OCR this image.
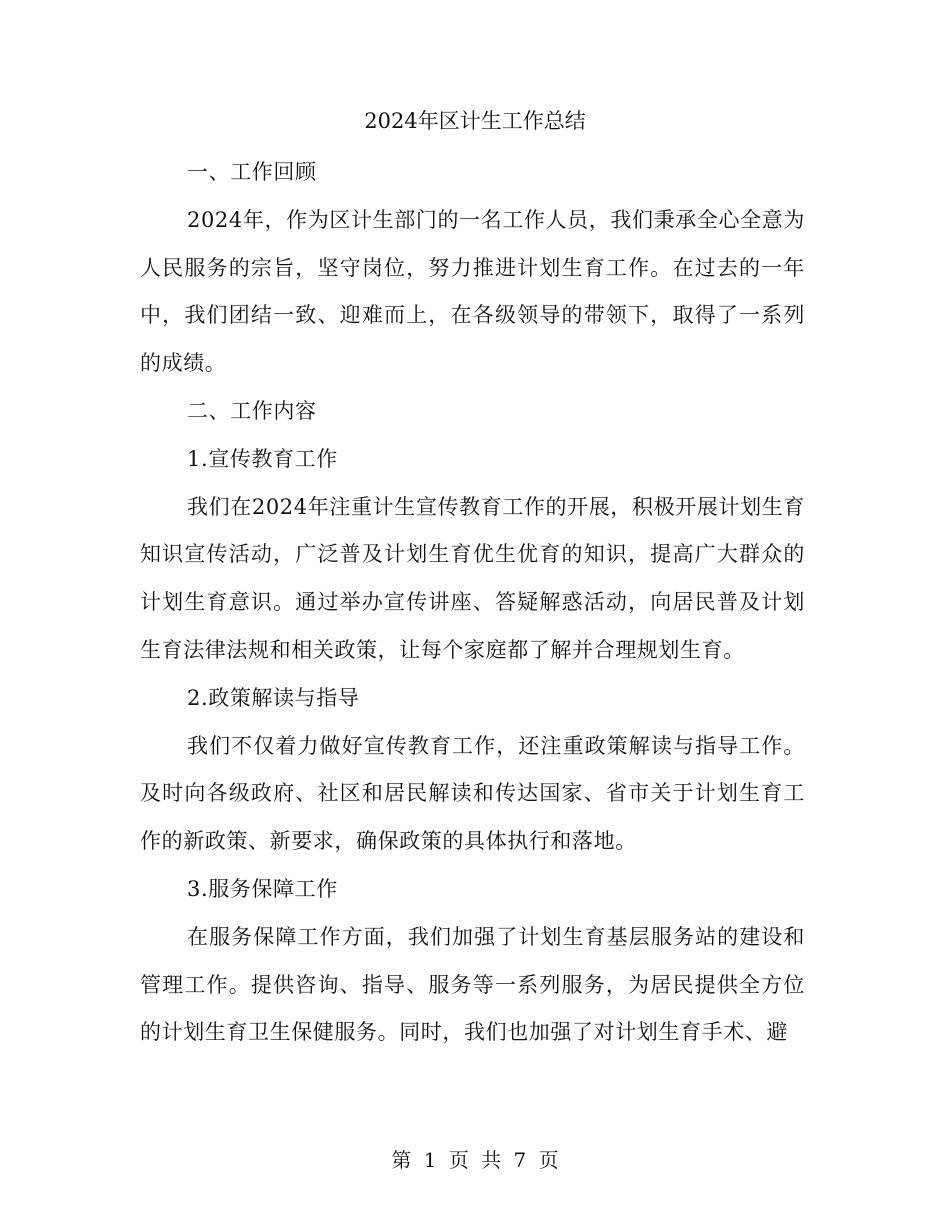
2024年区计生工作总结

一、工作回顾

2024年，作为区计生部门的一名工作人员，我们秉承全心全意为人民服务的宗旨，坚守岗位，努力推进计划生育工作。在过去的一年中，我们团结一致、迎难而上，在各级领导的带领下，取得了一系列的成绩。

二、工作内容

1.宣传教育工作

我们在2024年注重计生宣传教育工作的开展，积极开展计划生育知识宣传活动，广泛普及计划生育优生优育的知识，提高广大群众的计划生育意识。通过举办宣传讲座、答疑解惑活动，向居民普及计划生育法律法规和相关政策，让每个家庭都了解并合理规划生育。

2.政策解读与指导

我们不仅着力做好宣传教育工作，还注重政策解读与指导工作。及时向各级政府、社区和居民解读和传达国家、省市关于计划生育工作的新政策、新要求，确保政策的具体执行和落地。

3.服务保障工作

在服务保障工作方面，我们加强了计划生育基层服务站的建设和管理工作。提供咨询、指导、服务等一系列服务，为居民提供全方位的计划生育卫生保健服务。同时，我们也加强了对计划生育手术、避

第 1 页 共 7 页
